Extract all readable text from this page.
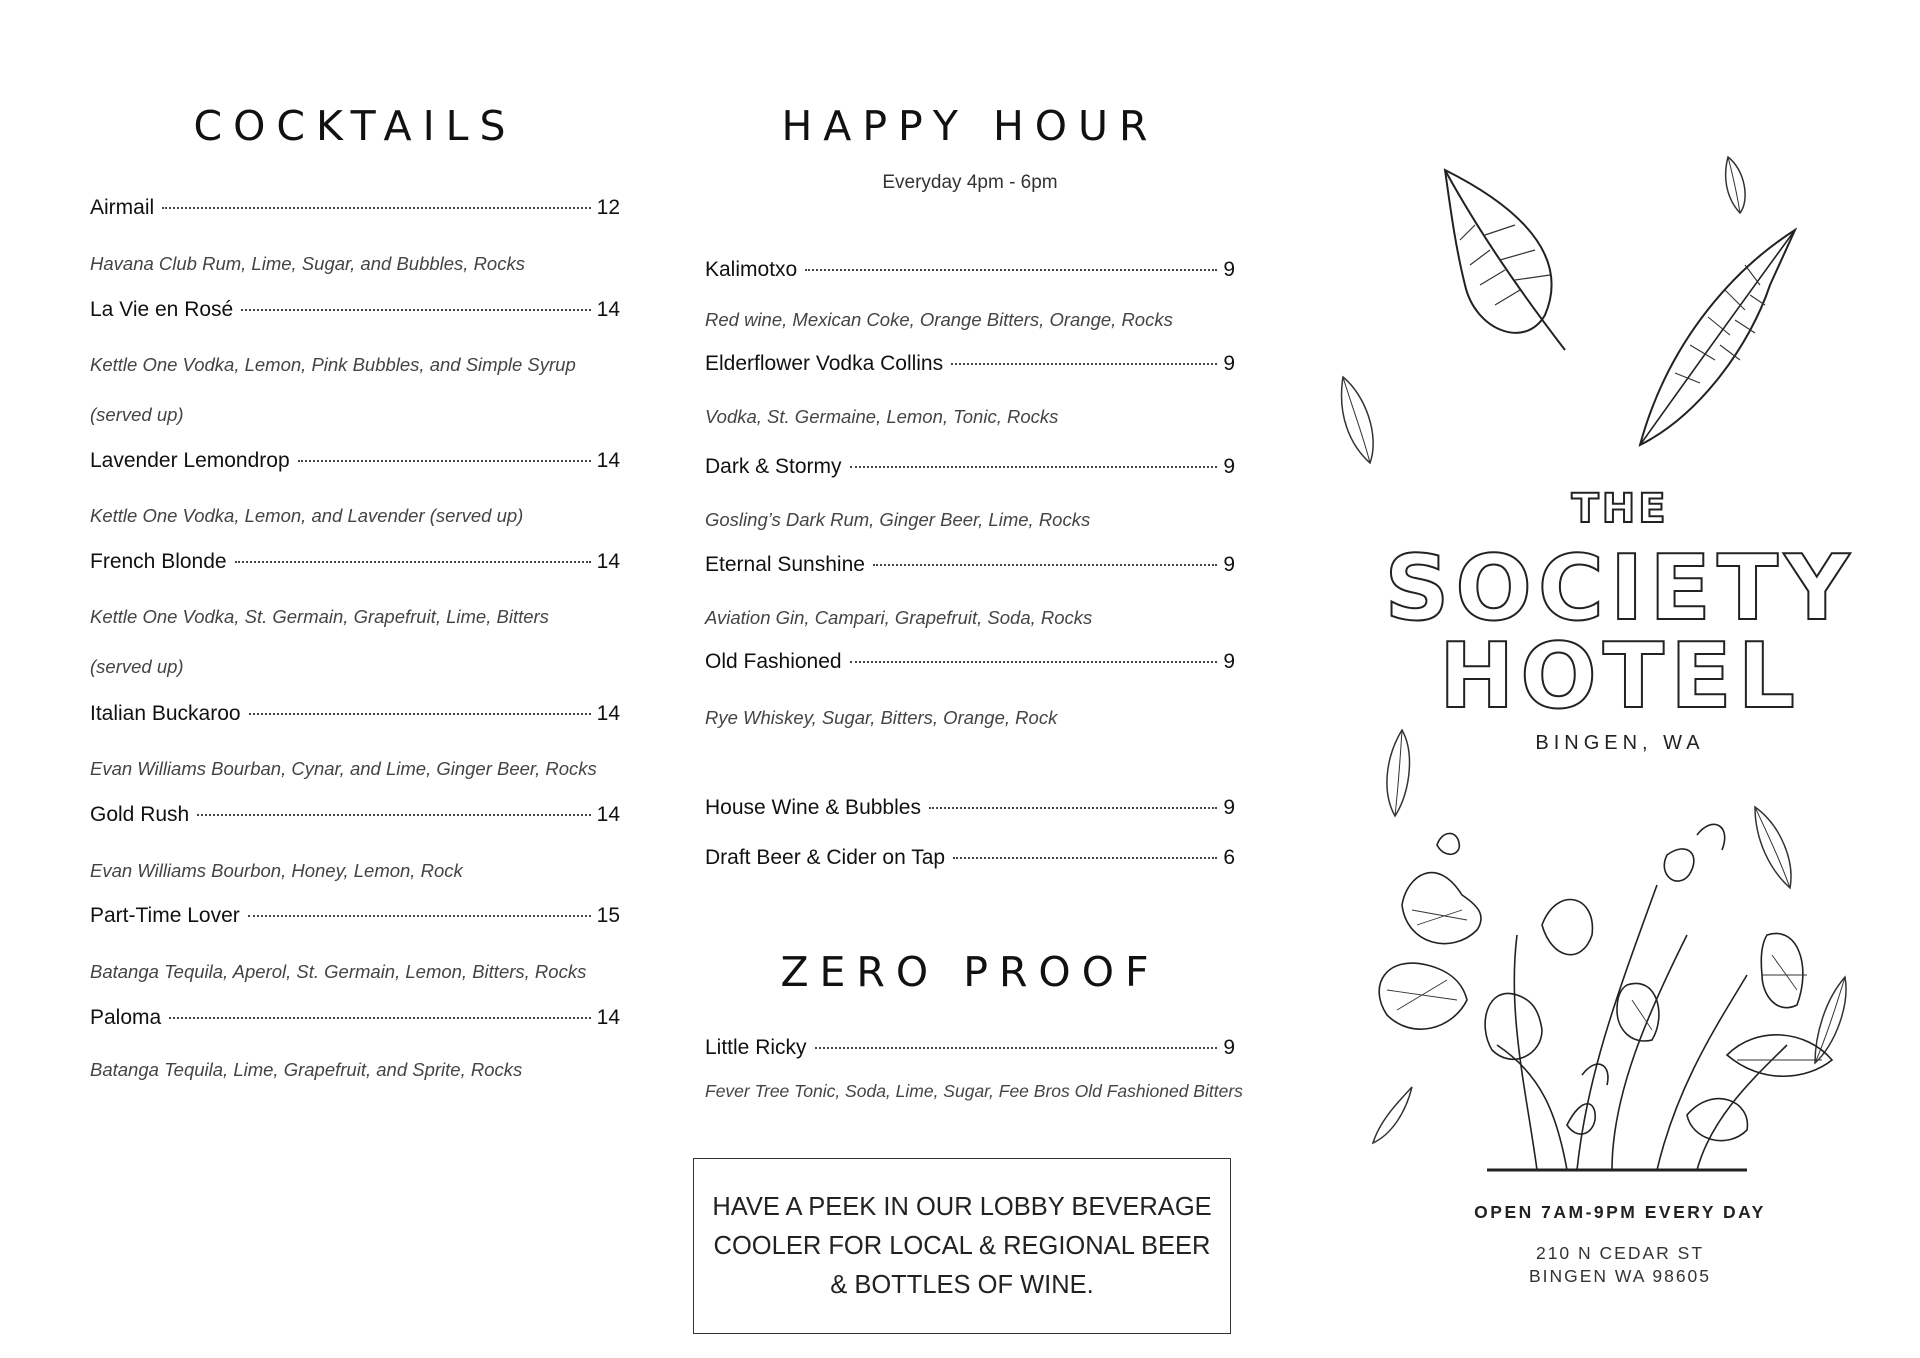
COCKTAILS
Airmail	12
Havana Club Rum, Lime, Sugar, and Bubbles, Rocks
La Vie en Rosé	14
Kettle One Vodka, Lemon, Pink Bubbles, and Simple Syrup
(served up)
Lavender Lemondrop	14
Kettle One Vodka, Lemon, and Lavender (served up)
French Blonde	14
Kettle One Vodka, St. Germain, Grapefruit, Lime, Bitters
(served up)
Italian Buckaroo	14
Evan Williams Bourban, Cynar, and Lime, Ginger Beer, Rocks
Gold Rush	14
Evan Williams Bourbon, Honey, Lemon, Rock
Part-Time Lover	15
Batanga Tequila, Aperol, St. Germain, Lemon, Bitters, Rocks
Paloma	14
Batanga Tequila, Lime, Grapefruit, and Sprite, Rocks
HAPPY HOUR
Everyday 4pm - 6pm
Kalimotxo	9
Red wine, Mexican Coke, Orange Bitters, Orange, Rocks
Elderflower Vodka Collins	9
Vodka, St. Germaine, Lemon, Tonic, Rocks
Dark & Stormy	9
Gosling’s Dark Rum, Ginger Beer, Lime, Rocks
Eternal Sunshine	9
Aviation Gin, Campari, Grapefruit, Soda, Rocks
Old Fashioned	9
Rye Whiskey, Sugar, Bitters, Orange, Rock
House Wine & Bubbles	9
Draft Beer & Cider on Tap	6
ZERO PROOF
Little Ricky	9
Fever Tree Tonic, Soda, Lime, Sugar, Fee Bros Old Fashioned Bitters
HAVE A PEEK IN OUR LOBBY BEVERAGE COOLER FOR LOCAL & REGIONAL BEER & BOTTLES OF WINE.
THE
SOCIETY
HOTEL
BINGEN, WA
OPEN 7AM-9PM EVERY DAY
210 N CEDAR ST
BINGEN WA 98605
